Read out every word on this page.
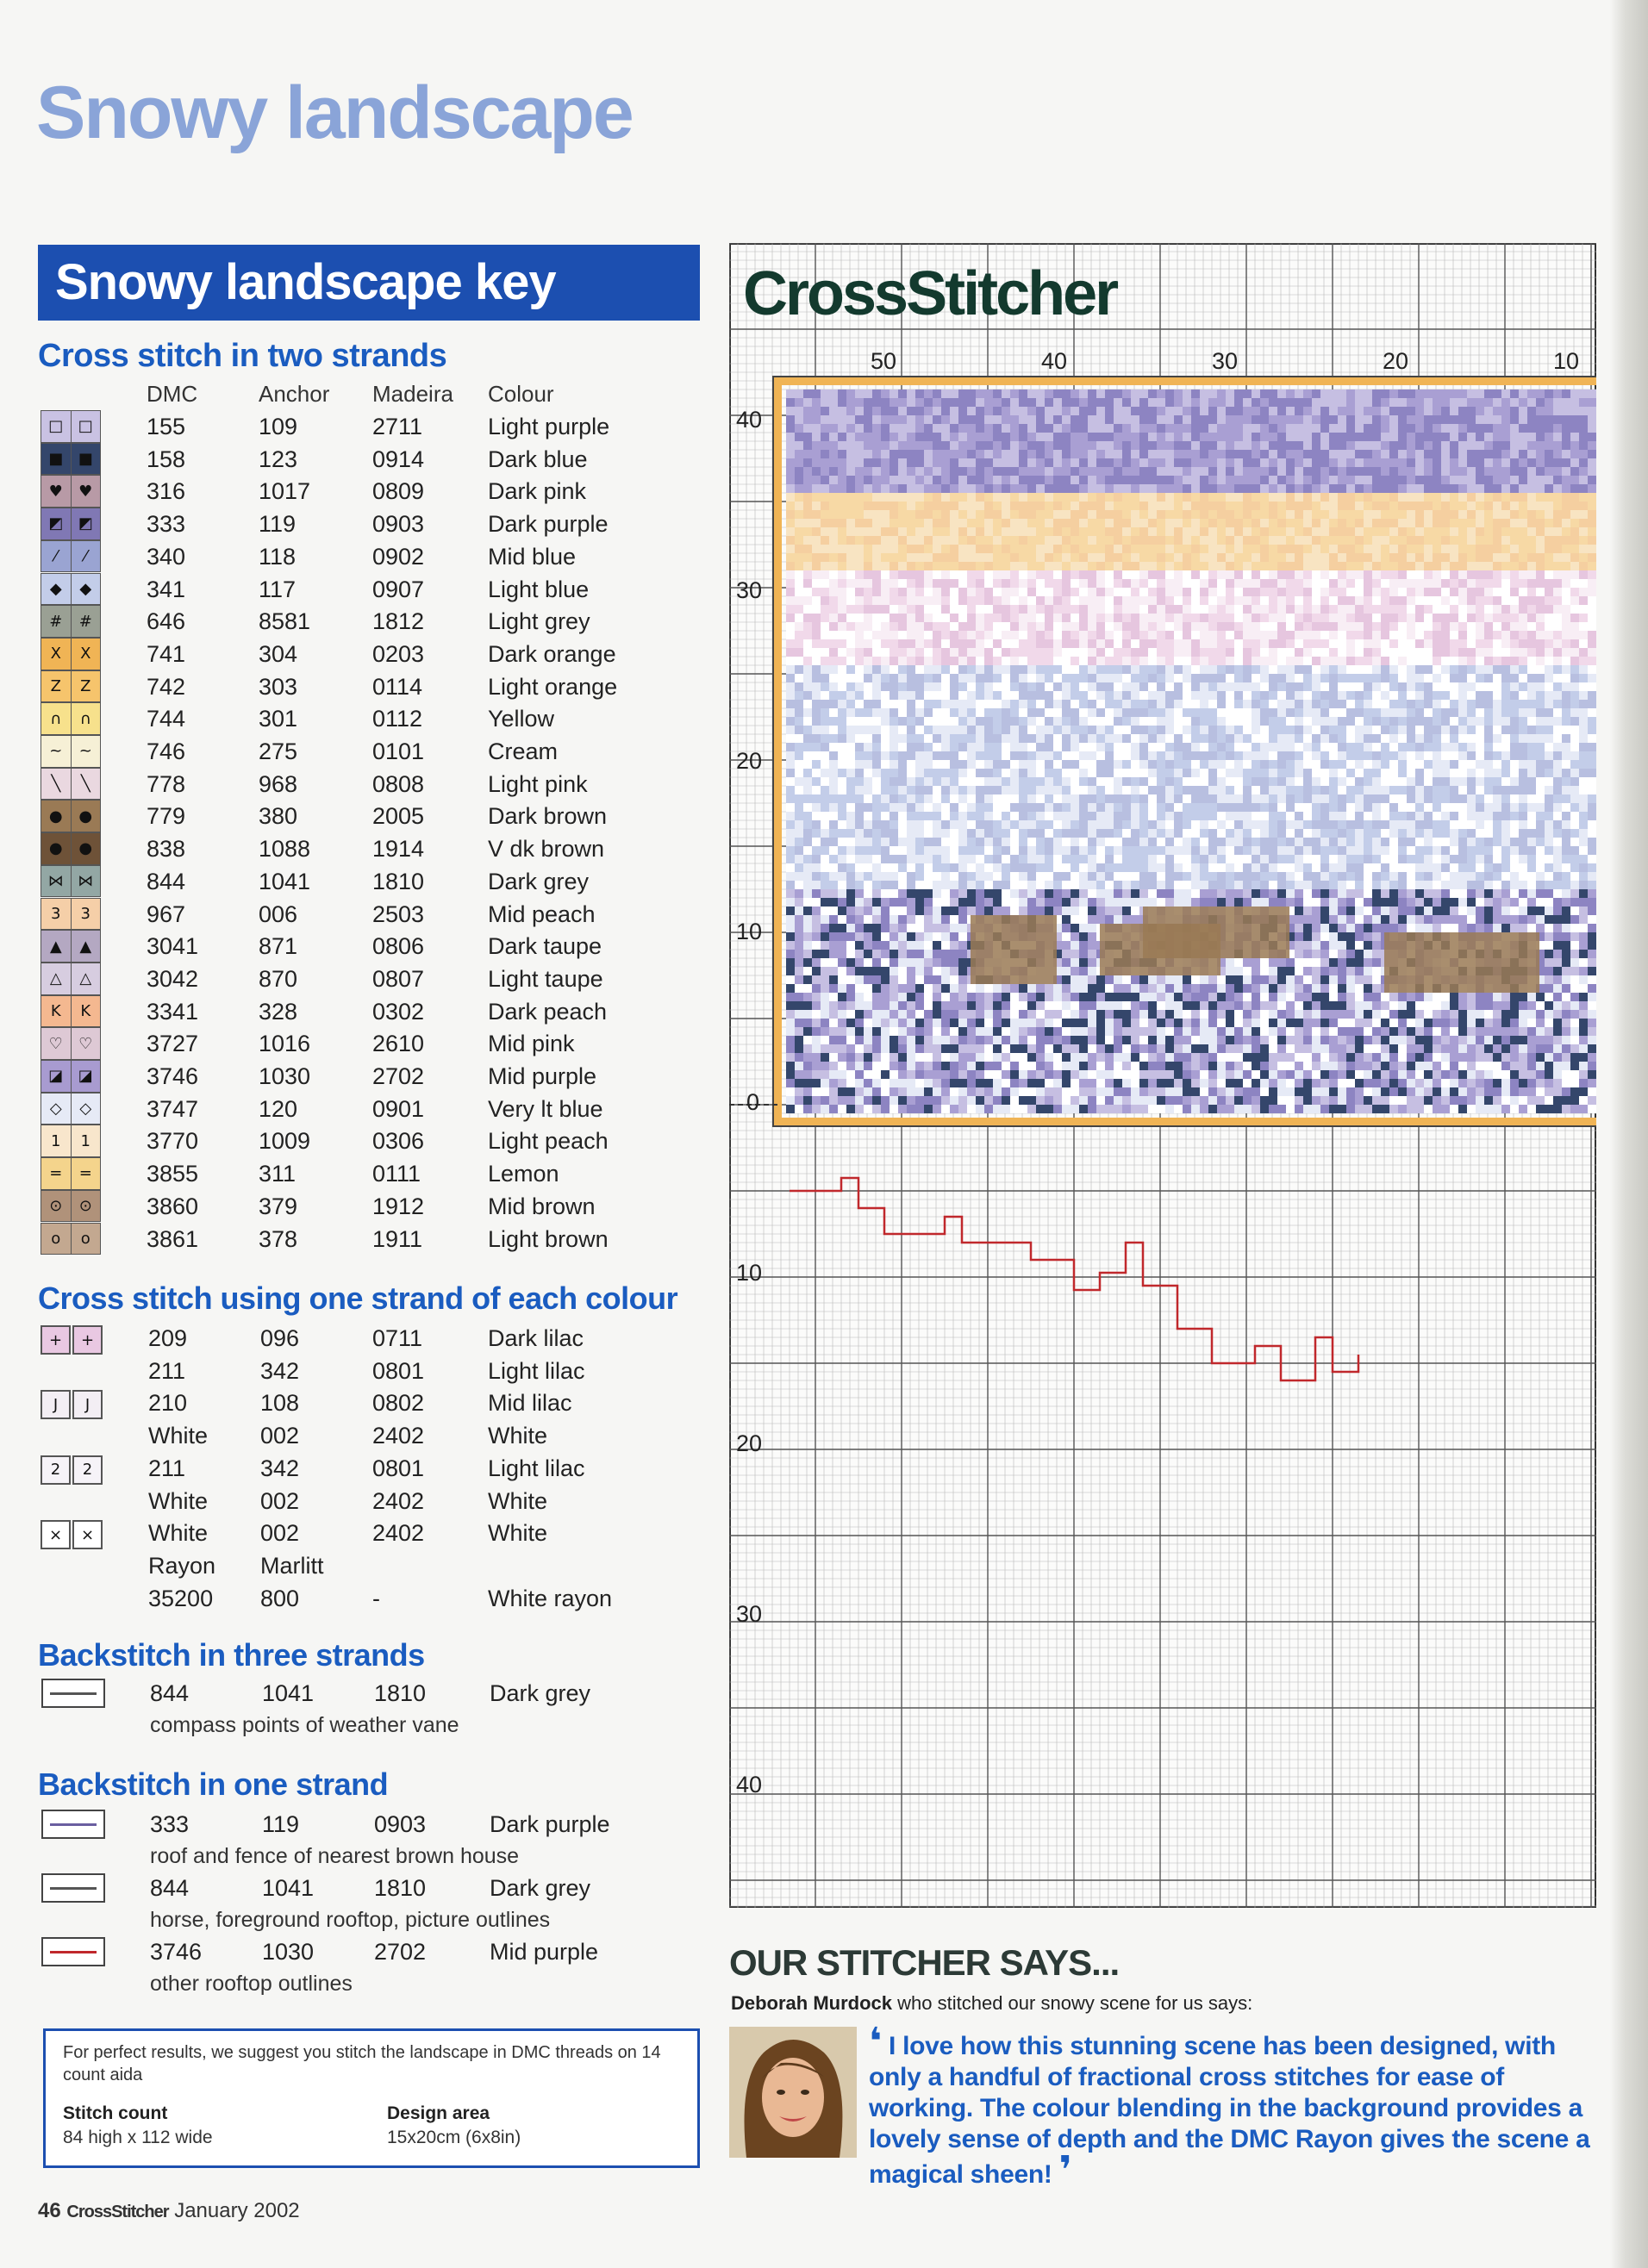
Snowy landscape
Snowy landscape key
Cross stitch in two strands
DMC	Anchor Madeira Colour
□ □	155	109	2711	Light purple
■ ■	158	123	0914	Dark blue
♥	♥	316	1017	0809	Dark pink
◩ ◩	333	119	0903	Dark purple
⁄	⁄	340	118	0902	Mid blue
◆	◆	341	117	0907	Light blue
#	#	646	8581	1812	Light grey
X	X	741	304	0203	Dark orange
Z	Z	742	303	0114	Light orange
∩	∩	744	301	0112	Yellow
~	~	746	275	0101	Cream
╲	╲	778	968	0808	Light pink
●	●	779	380	2005	Dark brown
●	●	838	1088	1914	V dk brown
⋈ ⋈ 844	1041	1810	Dark grey
3	3	967	006	2503	Mid peach
▲	▲	3041	871	0806	Dark taupe
△	△	3042	870	0807	Light taupe
K	K	3341	328	0302	Dark peach
♡	♡	3727	1016	2610	Mid pink
◪ ◪	3746	1030	2702	Mid purple
◇	◇	3747	120	0901	Very lt blue
1	1	3770	1009	0306	Light peach
=	=	3855	311	0111	Lemon
⊙	⊙	3860	379	1912	Mid brown
o	o	3861	378	1911	Light brown
Cross stitch using one strand of each colour
+	+	209	096	0711	Dark lilac
211	342	0801	Light lilac
J	J	210	108	0802	Mid lilac
White 002	2402	White
2	2	211	342	0801	Light lilac
White 002	2402	White
×	×	White 002	2402	White
Rayon Marlitt
35200 800	-	White rayon
Backstitch in three strands
844	1041	1810	Dark grey
compass points of weather vane
Backstitch in one strand
333	119	0903	Dark purple
roof and fence of nearest brown house
844	1041	1810	Dark grey
horse, foreground rooftop, picture outlines
3746	1030	2702	Mid purple
other rooftop outlines
For perfect results, we suggest you stitch the landscape in DMC threads on 14 count aida
Stitch count
84 high x 112 wide
Design area
15x20cm (6x8in)
46 CrossStitcher January 2002
CrossStitcher
50	40	30	20	10
40
30
20
10
0
10
20
30
40
OUR STITCHER SAYS...
Deborah Murdock who stitched our snowy scene for us says:
❛ I love how this stunning scene has been designed, with only a handful of fractional cross stitches for ease of working. The colour blending in the background provides a lovely sense of depth and the DMC Rayon gives the scene a magical sheen! ❜
